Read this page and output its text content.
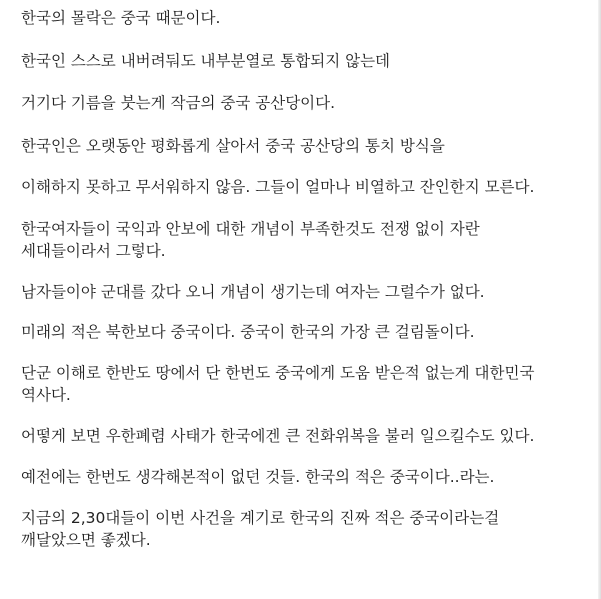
한국의 몰락은 중국 때문이다.
한국인 스스로 내버려둬도 내부분열로 통합되지 않는데
거기다 기름을 붓는게 작금의 중국 공산당이다.
한국인은 오랫동안 평화롭게 살아서 중국 공산당의 통치 방식을
이해하지 못하고 무서워하지 않음. 그들이 얼마나 비열하고 잔인한지 모른다.
한국여자들이 국익과 안보에 대한 개념이 부족한것도 전쟁 없이 자란
세대들이라서 그렇다.
남자들이야 군대를 갔다 오니 개념이 생기는데 여자는 그럴수가 없다.
미래의 적은 북한보다 중국이다. 중국이 한국의 가장 큰 걸림돌이다.
단군 이해로 한반도 땅에서 단 한번도 중국에게 도움 받은적 없는게 대한민국
역사다.
어떻게 보면 우한폐렴 사태가 한국에겐 큰 전화위복을 불러 일으킬수도 있다.
예전에는 한번도 생각해본적이 없던 것들. 한국의 적은 중국이다..라는.
지금의 2,30대들이 이번 사건을 계기로 한국의 진짜 적은 중국이라는걸
깨달았으면 좋겠다.
